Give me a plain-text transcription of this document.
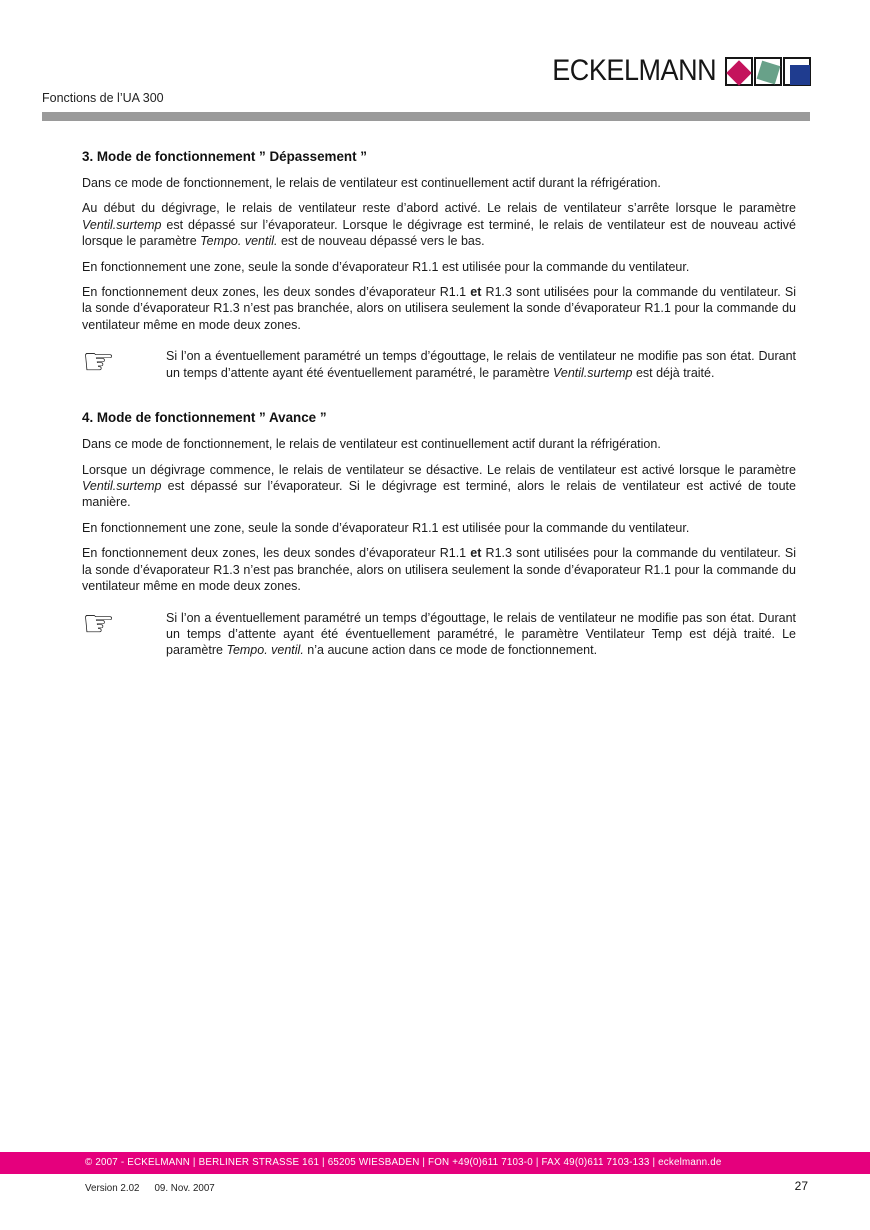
ECKELMANN
Fonctions de l’UA 300
3. Mode de fonctionnement ” Dépassement ”

Dans ce mode de fonctionnement, le relais de ventilateur est continuellement actif durant la réfrigération.

Au début du dégivrage, le relais de ventilateur reste d’abord activé. Le relais de ventilateur s’arrête lorsque le paramètre Ventil.surtemp est dépassé sur l’évaporateur. Lorsque le dégivrage est terminé, le relais de ventilateur est de nouveau activé lorsque le paramètre Tempo. ventil. est de nouveau dépassé vers le bas.

En fonctionnement une zone, seule la sonde d’évaporateur R1.1 est utilisée pour la commande du ventilateur.

En fonctionnement deux zones, les deux sondes d’évaporateur R1.1 et R1.3 sont utilisées pour la commande du ventilateur. Si la sonde d’évaporateur R1.3 n’est pas branchée, alors on utilisera seulement la sonde d’évaporateur R1.1 pour la commande du ventilateur même en mode deux zones.

☞	Si l’on a éventuellement paramétré un temps d’égouttage, le relais de ventilateur ne modifie pas son état. Durant un temps d’attente ayant été éventuellement paramétré, le paramètre Ventil.surtemp est déjà traité.

4. Mode de fonctionnement ” Avance ”

Dans ce mode de fonctionnement, le relais de ventilateur est continuellement actif durant la réfrigération.

Lorsque un dégivrage commence, le relais de ventilateur se désactive. Le relais de ventilateur est activé lorsque le paramètre Ventil.surtemp est dépassé sur l’évaporateur. Si le dégivrage est terminé, alors le relais de ventilateur est activé de toute manière.

En fonctionnement une zone, seule la sonde d’évaporateur R1.1 est utilisée pour la commande du ventilateur.

En fonctionnement deux zones, les deux sondes d’évaporateur R1.1 et R1.3 sont utilisées pour la commande du ventilateur. Si la sonde d’évaporateur R1.3 n’est pas branchée, alors on utilisera seulement la sonde d’évaporateur R1.1 pour la commande du ventilateur même en mode deux zones.

☞	Si l’on a éventuellement paramétré un temps d’égouttage, le relais de ventilateur ne modifie pas son état. Durant un temps d’attente ayant été éventuellement paramétré, le paramètre Ventilateur Temp est déjà traité. Le paramètre Tempo. ventil. n’a aucune action dans ce mode de fonctionnement.

© 2007 - ECKELMANN | BERLINER STRASSE 161 | 65205 WIESBADEN | FON +49(0)611 7103-0 | FAX 49(0)611 7103-133 | eckelmann.de
Version 2.02 09. Nov. 2007	27
